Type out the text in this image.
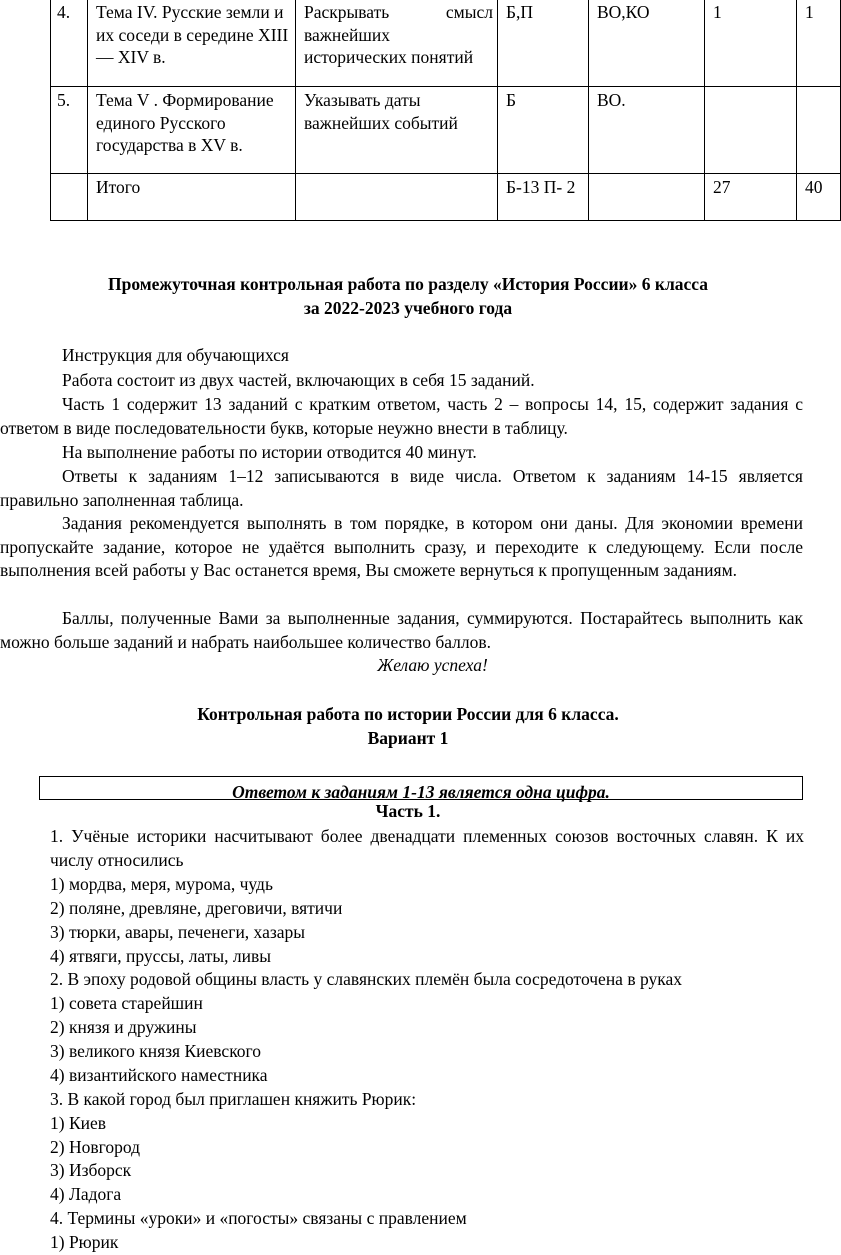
4.	Тема IV. Русские земли и их соседи в середине XIII — XIV в.	Раскрывать смысл важнейших исторических понятий	Б,П	ВО,КО	1	1
5.	Тема V . Формирование единого Русского государства в XV в.	Указывать даты важнейших событий	Б	ВО.		
	Итого		Б-13 П- 2		27	40
Промежуточная контрольная работа по разделу «История России» 6 класса
за 2022-2023 учебного года
Инструкция для обучающихся
Работа состоит из двух частей, включающих в себя 15 заданий.
Часть 1 содержит 13 заданий с кратким ответом, часть 2 – вопросы 14, 15, содержит задания с ответом в виде последовательности букв, которые неужно внести в таблицу.
На выполнение работы по истории отводится 40 минут.
Ответы к заданиям 1–12 записываются в виде числа. Ответом к заданиям 14-15 является правильно заполненная таблица.
Задания рекомендуется выполнять в том порядке, в котором они даны. Для экономии времени пропускайте задание, которое не удаётся выполнить сразу, и переходите к следующему. Если после выполнения всей работы у Вас останется время, Вы сможете вернуться к пропущенным заданиям.
Баллы, полученные Вами за выполненные задания, суммируются. Постарайтесь выполнить как можно больше заданий и набрать наибольшее количество баллов.
Желаю успеха!
Контрольная работа по истории России для 6 класса.
Вариант 1
Ответом к заданиям 1-13 является одна цифра.
Часть 1.
1. Учёные историки насчитывают более двенадцати племенных союзов восточных славян. К их числу относились
1) мордва, меря, мурома, чудь
2) поляне, древляне, дреговичи, вятичи
3) тюрки, авары, печенеги, хазары
4) ятвяги, пруссы, латы, ливы
2. В эпоху родовой общины власть у славянских племён была сосредоточена в руках
1) совета старейшин
2) князя и дружины
3) великого князя Киевского
4) византийского наместника
3. В какой город был приглашен княжить Рюрик:
1) Киев
2) Новгород
3) Изборск
4) Ладога
4. Термины «уроки» и «погосты» связаны с правлением
1) Рюрик
